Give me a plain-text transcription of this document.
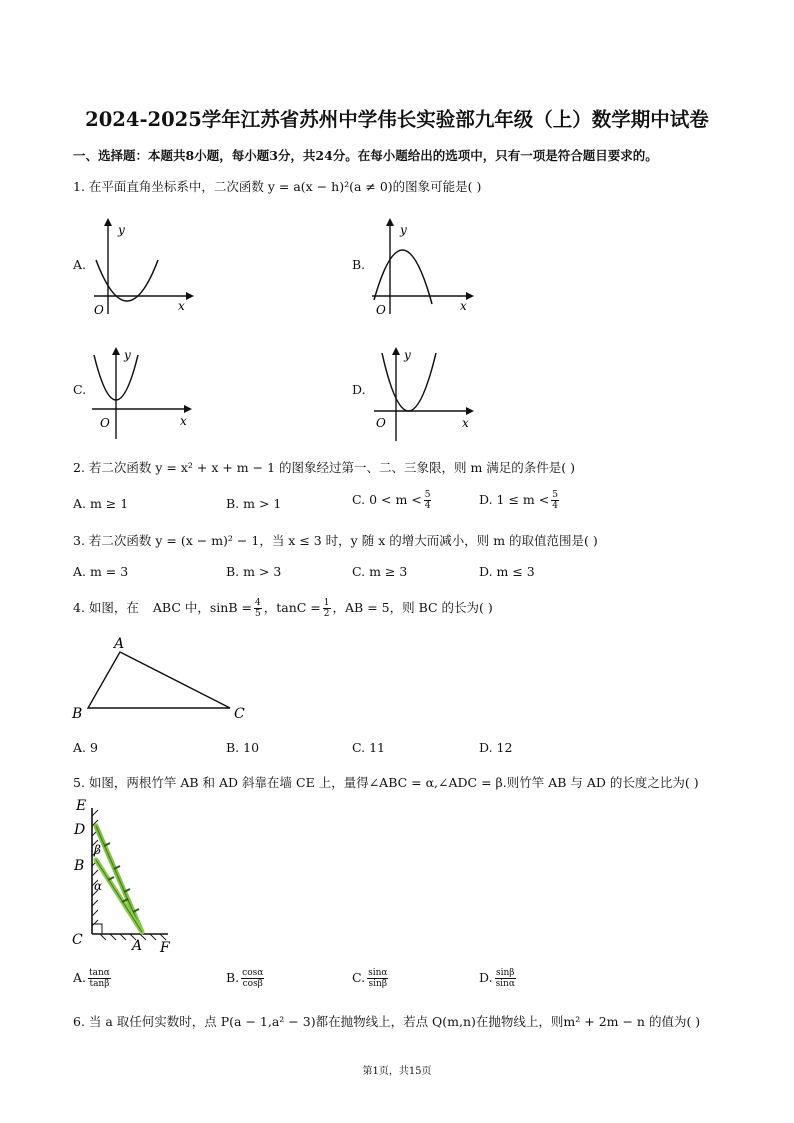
2024-2025学年江苏省苏州中学伟长实验部九年级（上）数学期中试卷
一、选择题：本题共8小题，每小题3分，共24分。在每小题给出的选项中，只有一项是符合题目要求的。
1. 在平面直角坐标系中，二次函数 y = a(x − h)²(a ≠ 0)的图象可能是( )
A.
y
x
O
B.
y
x
O
C.
y
x
O
D.
y
x
O
2. 若二次函数 y = x² + x + m − 1 的图象经过第一、二、三象限，则 m 满足的条件是( )
A. m ≥ 1	B. m > 1	C. $0 < m < \frac{5}{4}$	D. $1 \le m < \frac{5}{4}$
3. 若二次函数 y = (x − m)² − 1，当 x ≤ 3 时，y 随 x 的增大而减小，则 m 的取值范围是( )
A. m = 3	B. m > 3	C. m ≥ 3	D. m ≤ 3
4. 如图，在 ABC 中，$\sin B = \frac{4}{5}$ ，$\tan C = \frac{1}{2}$ ，AB = 5，则 BC 的长为( )
A
B	C
A. 9	B. 10	C. 11	D. 12
5. 如图，两根竹竿 AB 和 AD 斜靠在墙 CE 上，量得∠ABC = α,∠ADC = β.则竹竿 AB 与 AD 的长度之比为( )
E
D
B
C	A F
β
α
A. $\frac{\tan\alpha}{\tan\beta}$	B. $\frac{\cos\alpha}{\cos\beta}$	C. $\frac{\sin\alpha}{\sin\beta}$	D. $\frac{\sin\beta}{\sin\alpha}$
6. 当 a 取任何实数时，点 P(a − 1,a² − 3)都在抛物线上，若点 Q(m,n)在抛物线上，则m² + 2m − n 的值为( )
第1页，共15页
